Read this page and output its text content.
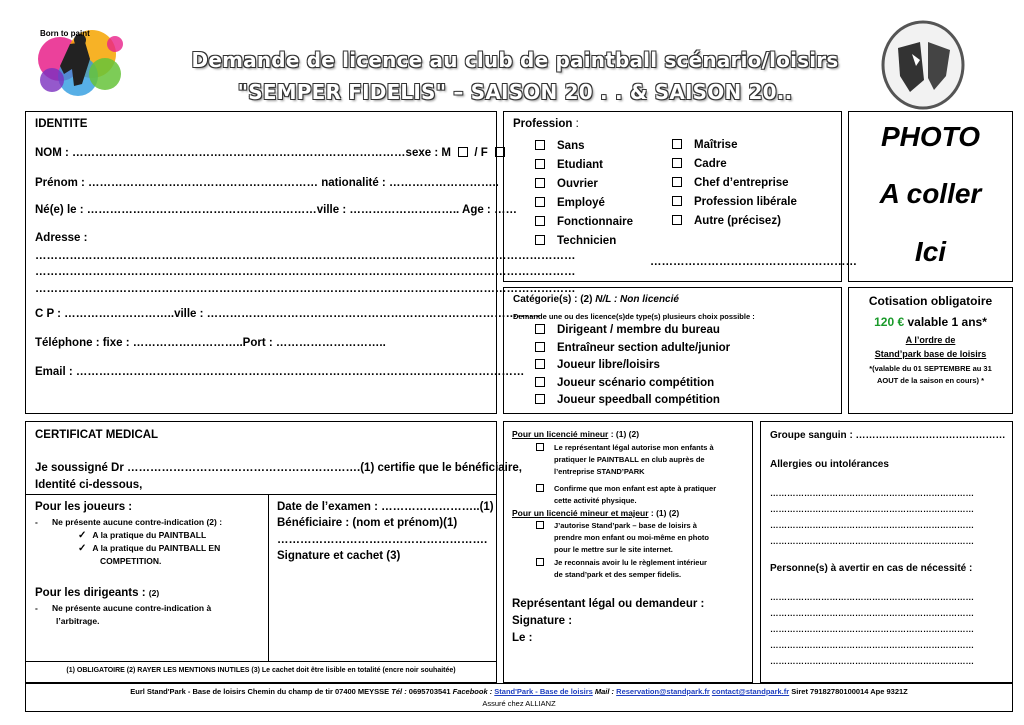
Born to paint
Demande de licence au club de paintball scénario/loisirs
"SEMPER FIDELIS" – SAISON 20 . . & SAISON 20..
IDENTITE
NOM : ……………………………………………………………………………sexe : M / F
Prénom : …………………………………………………… nationalité : ………………………..
Né(e) le : ……………………………………………………ville : ……………………….. Age : ……
Adresse :
……………………………………………………………………………………………………………………………
……………………………………………………………………………………………………………………………
……………………………………………………………………………………………………………………………
C P : ………………………..ville : ……………………………………………………………………………
Téléphone : fixe : ………………………..Port : ………………………..
Email : ………………………………………………………………………………………………………
Profession :
Sans
Etudiant
Ouvrier
Employé
Fonctionnaire
Technicien
Maîtrise
Cadre
Chef d’entreprise
Profession libérale
Autre (précisez)
………………………………………………
PHOTO
A coller
Ici
Catégorie(s) : (2) N/L : Non licencié
Demande une ou des licence(s)de type(s) plusieurs choix possible :
Dirigeant / membre du bureau
Entraîneur section adulte/junior
Joueur libre/loisirs
Joueur scénario compétition
Joueur speedball compétition
Cotisation obligatoire
120 € valable 1 ans*
A l’ordre de
Stand’park base de loisirs
*(valable du 01 SEPTEMBRE au 31
AOUT de la saison en cours) *
CERTIFICAT MEDICAL
Je soussigné Dr …………………………………………………….(1) certifie que le bénéficiaire,
Identité ci-dessous,
Pour les joueurs :
-      Ne présente aucune contre-indication (2) :
✓ A la pratique du PAINTBALL
✓ A la pratique du PAINTBALL EN
COMPETITION.
Pour les dirigeants : (2)
-      Ne présente aucune contre-indication à
l’arbitrage.
Date de l’examen : ……………………..(1)
Bénéficiaire : (nom et prénom)(1)
……………………………………………….
Signature et cachet (3)
(1) OBLIGATOIRE (2) RAYER LES MENTIONS INUTILES (3) Le cachet doit être lisible en totalité (encre noir souhaitée)
Pour un licencié mineur : (1) (2)
Le représentant légal autorise mon enfants à
pratiquer le PAINTBALL en club auprès de
l’entreprise STAND’PARK
Confirme que mon enfant est apte à pratiquer
cette activité physique.
Pour un licencié mineur et majeur : (1) (2)
J’autorise Stand’park – base de loisirs à
prendre mon enfant ou moi-même en photo
pour le mettre sur le site internet.
Je reconnais avoir lu le règlement intérieur
de stand’park et des semper fidelis.
Représentant légal ou demandeur :
Signature :
Le :
Groupe sanguin : ………………………………………
Allergies ou intolérances
………………………………………………………………
………………………………………………………………
………………………………………………………………
………………………………………………………………
Personne(s) à avertir en cas de nécessité :
………………………………………………………………
………………………………………………………………
………………………………………………………………
………………………………………………………………
………………………………………………………………
Eurl Stand'Park - Base de loisirs Chemin du champ de tir 07400 MEYSSE Tél : 0695703541 Facebook : Stand'Park - Base de loisirs Mail : Reservation@standpark.fr contact@standpark.fr Siret 79182780100014 Ape 9321Z
Assuré chez ALLIANZ
